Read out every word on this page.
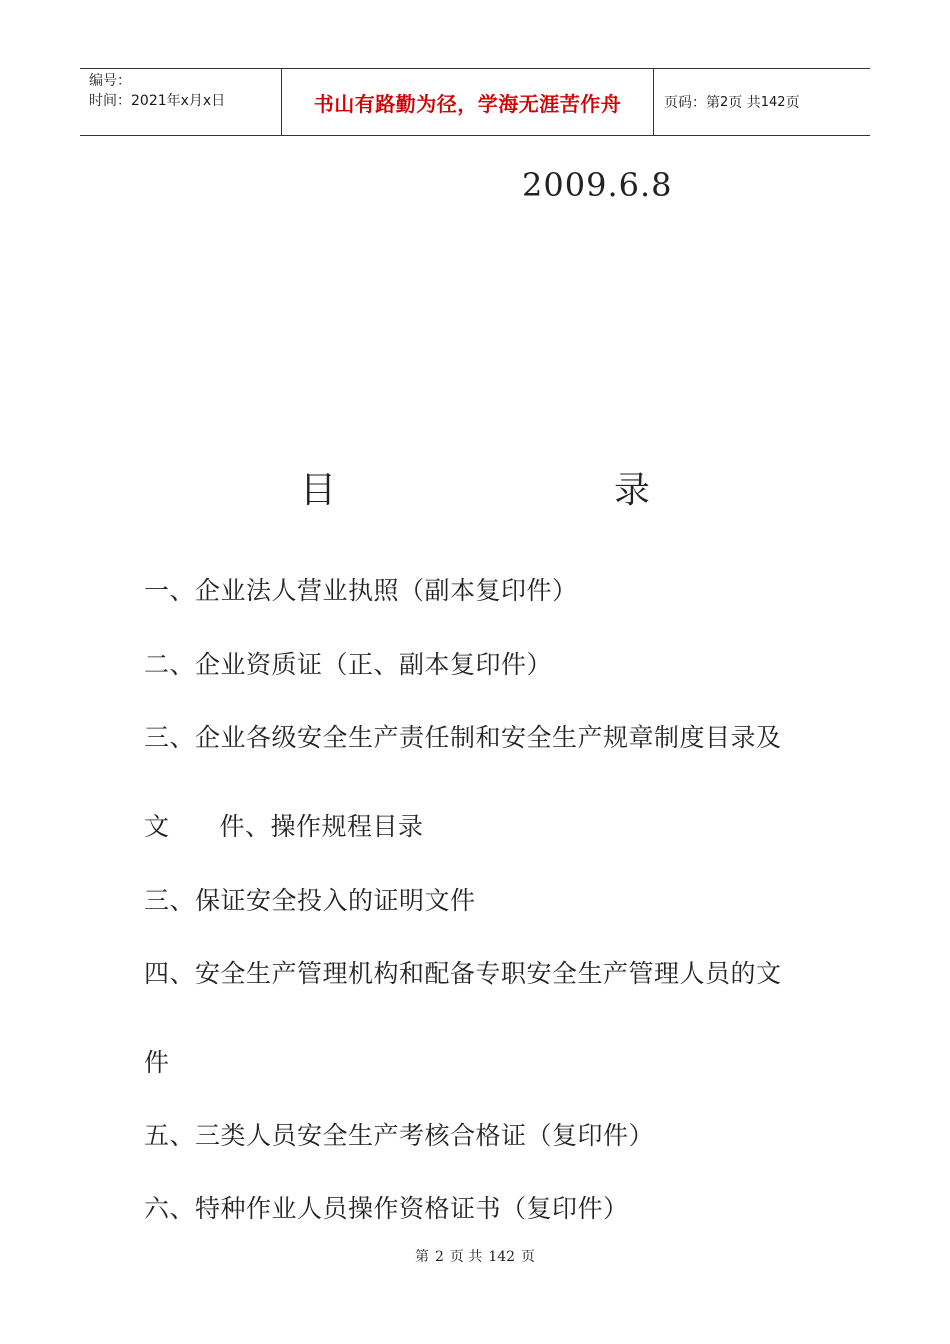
编号：
时间：2021年x月x日	书山有路勤为径，学海无涯苦作舟	页码：第 2 页 共 142 页
2009.6.8
目	录
一、企业法人营业执照（副本复印件）
二、企业资质证（正、副本复印件）
三、企业各级安全生产责任制和安全生产规章制度目录及
文 件、操作规程目录
三、保证安全投入的证明文件
四、安全生产管理机构和配备专职安全生产管理人员的文
件
五、三类人员安全生产考核合格证（复印件）
六、特种作业人员操作资格证书（复印件）
第 2 页 共 142 页
